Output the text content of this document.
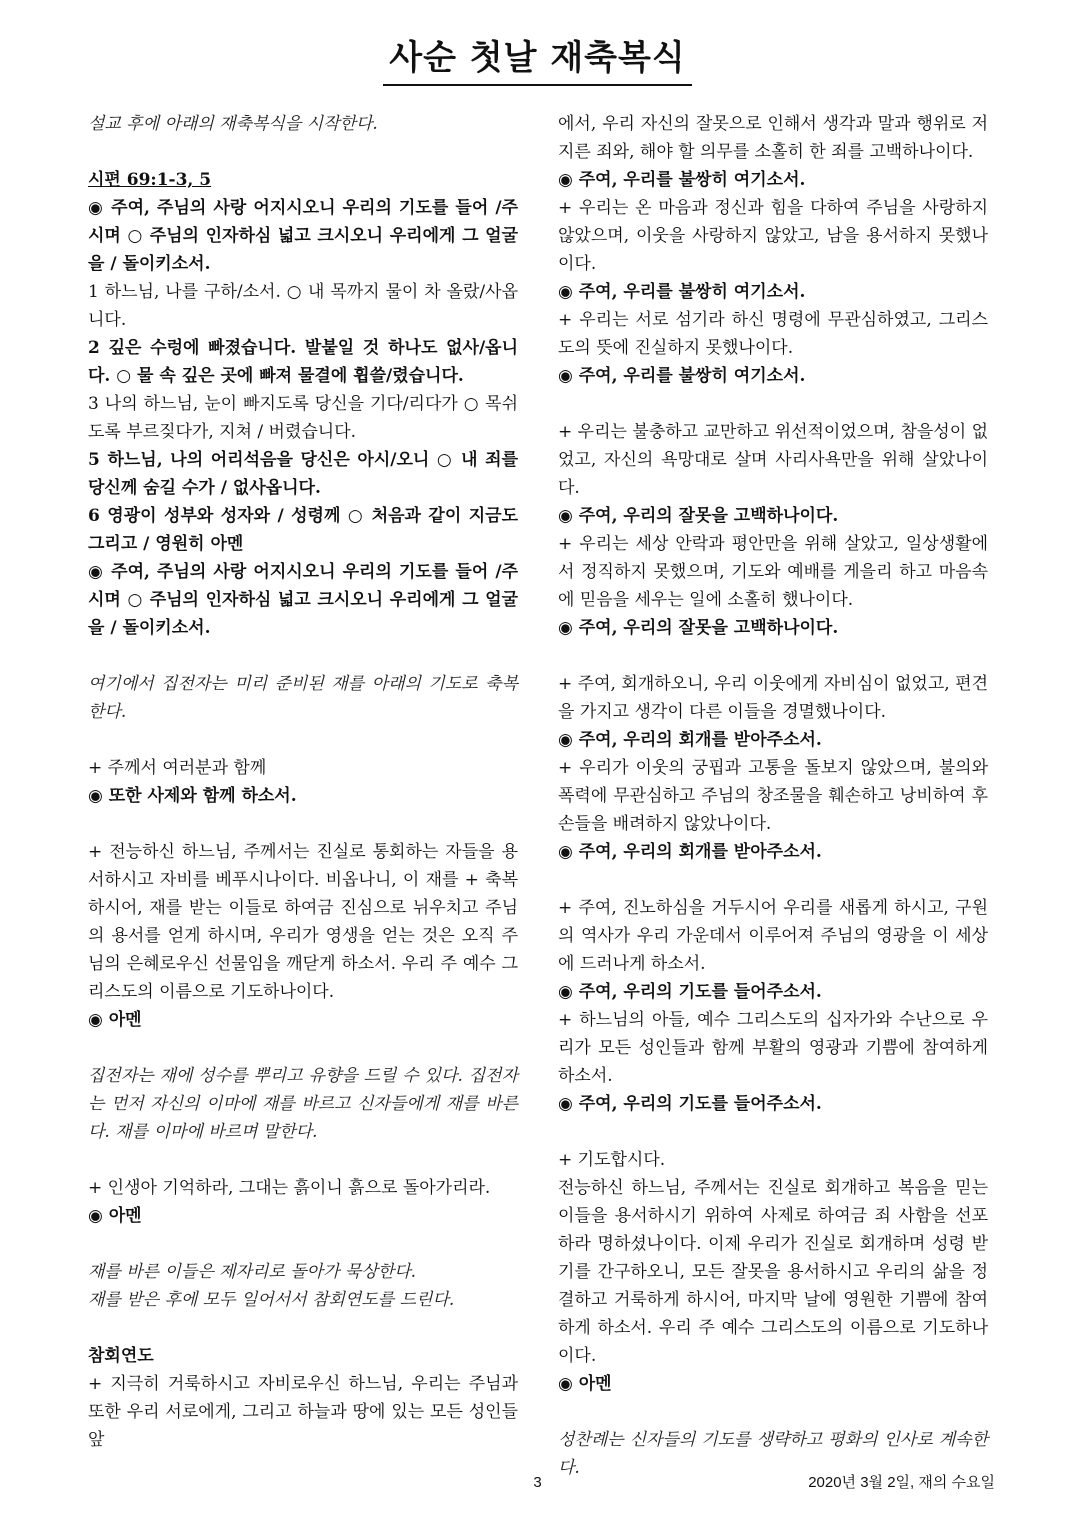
사순 첫날 재축복식

설교 후에 아래의 재축복식을 시작한다.

시편 69:1-3, 5

◉ 주여, 주님의 사랑 어지시오니 우리의 기도를 들어 /주시며 ○ 주님의 인자하심 넓고 크시오니 우리에게 그 얼굴을 / 돌이키소서.

1 하느님, 나를 구하/소서. ○ 내 목까지 물이 차 올랐/사옵니다.

2 깊은 수렁에 빠졌습니다. 발붙일 것 하나도 없사/옵니다. ○ 물 속 깊은 곳에 빠져 물결에 휩쓸/렸습니다.

3 나의 하느님, 눈이 빠지도록 당신을 기다/리다가 ○ 목쉬도록 부르짖다가, 지쳐 / 버렸습니다.

5 하느님, 나의 어리석음을 당신은 아시/오니 ○ 내 죄를 당신께 숨길 수가 / 없사옵니다.

6 영광이 성부와 성자와 / 성령께 ○ 처음과 같이 지금도 그리고 / 영원히 아멘

◉ 주여, 주님의 사랑 어지시오니 우리의 기도를 들어 /주시며 ○ 주님의 인자하심 넓고 크시오니 우리에게 그 얼굴을 / 돌이키소서.

여기에서 집전자는 미리 준비된 재를 아래의 기도로 축복한다.

+ 주께서 여러분과 함께

◉ 또한 사제와 함께 하소서.

+ 전능하신 하느님, 주께서는 진실로 통회하는 자들을 용서하시고 자비를 베푸시나이다. 비옵나니, 이 재를 + 축복하시어, 재를 받는 이들로 하여금 진심으로 뉘우치고 주님의 용서를 얻게 하시며, 우리가 영생을 얻는 것은 오직 주님의 은혜로우신 선물임을 깨닫게 하소서. 우리 주 예수 그리스도의 이름으로 기도하나이다.

◉ 아멘

집전자는 재에 성수를 뿌리고 유향을 드릴 수 있다. 집전자는 먼저 자신의 이마에 재를 바르고 신자들에게 재를 바른다. 재를 이마에 바르며 말한다.

+ 인생아 기억하라, 그대는 흙이니 흙으로 돌아가리라.

◉ 아멘

재를 바른 이들은 제자리로 돌아가 묵상한다.

재를 받은 후에 모두 일어서서 참회연도를 드린다.

참회연도

+ 지극히 거룩하시고 자비로우신 하느님, 우리는 주님과 또한 우리 서로에게, 그리고 하늘과 땅에 있는 모든 성인들 앞

에서, 우리 자신의 잘못으로 인해서 생각과 말과 행위로 저지른 죄와, 해야 할 의무를 소홀히 한 죄를 고백하나이다.

◉ 주여, 우리를 불쌍히 여기소서.

+ 우리는 온 마음과 정신과 힘을 다하여 주님을 사랑하지 않았으며, 이웃을 사랑하지 않았고, 남을 용서하지 못했나이다.

◉ 주여, 우리를 불쌍히 여기소서.

+ 우리는 서로 섬기라 하신 명령에 무관심하였고, 그리스도의 뜻에 진실하지 못했나이다.

◉ 주여, 우리를 불쌍히 여기소서.

+ 우리는 불충하고 교만하고 위선적이었으며, 참을성이 없었고, 자신의 욕망대로 살며 사리사욕만을 위해 살았나이다.

◉ 주여, 우리의 잘못을 고백하나이다.

+ 우리는 세상 안락과 평안만을 위해 살았고, 일상생활에서 정직하지 못했으며, 기도와 예배를 게을리 하고 마음속에 믿음을 세우는 일에 소홀히 했나이다.

◉ 주여, 우리의 잘못을 고백하나이다.

+ 주여, 회개하오니, 우리 이웃에게 자비심이 없었고, 편견을 가지고 생각이 다른 이들을 경멸했나이다.

◉ 주여, 우리의 회개를 받아주소서.

+ 우리가 이웃의 궁핍과 고통을 돌보지 않았으며, 불의와 폭력에 무관심하고 주님의 창조물을 훼손하고 낭비하여 후손들을 배려하지 않았나이다.

◉ 주여, 우리의 회개를 받아주소서.

+ 주여, 진노하심을 거두시어 우리를 새롭게 하시고, 구원의 역사가 우리 가운데서 이루어져 주님의 영광을 이 세상에 드러나게 하소서.

◉ 주여, 우리의 기도를 들어주소서.

+ 하느님의 아들, 예수 그리스도의 십자가와 수난으로 우리가 모든 성인들과 함께 부활의 영광과 기쁨에 참여하게 하소서.

◉ 주여, 우리의 기도를 들어주소서.

+ 기도합시다.

전능하신 하느님, 주께서는 진실로 회개하고 복음을 믿는 이들을 용서하시기 위하여 사제로 하여금 죄 사함을 선포하라 명하셨나이다. 이제 우리가 진실로 회개하며 성령 받기를 간구하오니, 모든 잘못을 용서하시고 우리의 삶을 정결하고 거룩하게 하시어, 마지막 날에 영원한 기쁨에 참여하게 하소서. 우리 주 예수 그리스도의 이름으로 기도하나이다.

◉ 아멘

성찬례는 신자들의 기도를 생략하고 평화의 인사로 계속한다.

3	2020년 3월 2일, 재의 수요일
